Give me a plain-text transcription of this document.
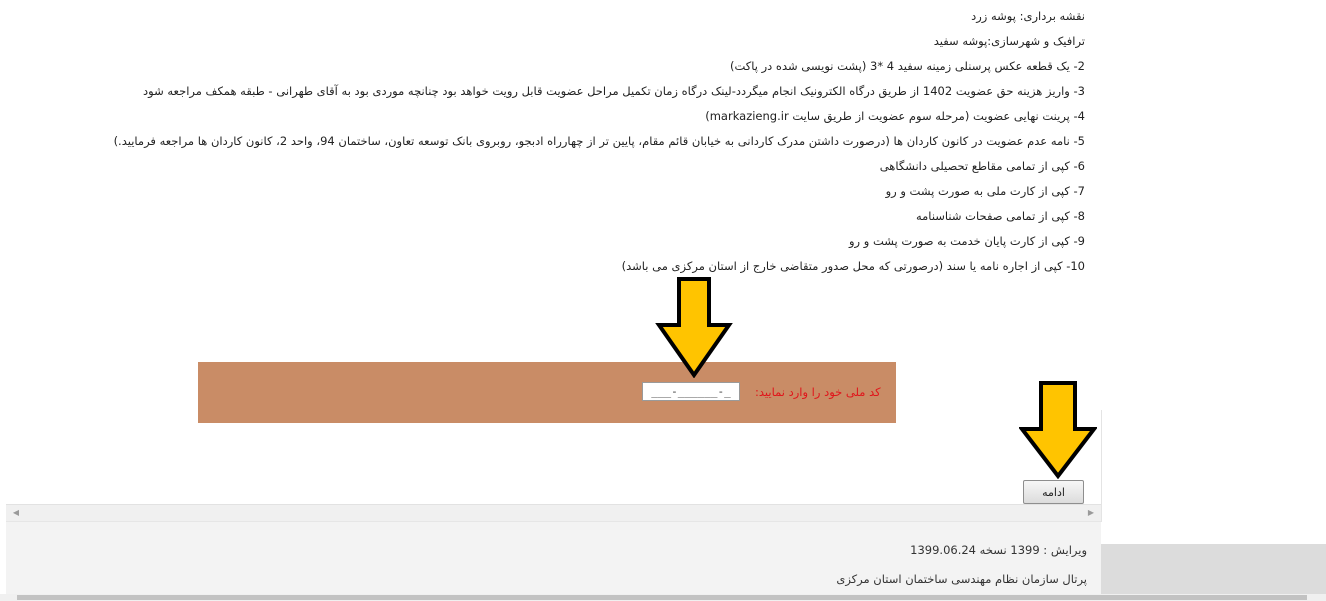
نقشه برداری: پوشه زرد
ترافیک و شهرسازی:پوشه سفید
2- یک قطعه عکس پرسنلی زمینه سفید 4 *3 (پشت نویسی شده در پاکت)
3- واریز هزینه حق عضویت 1402 از طریق درگاه الکترونیک انجام میگردد-لینک درگاه زمان تکمیل مراحل عضویت قابل رویت خواهد بود چنانچه موردی بود به آقای طهرانی - طبقه همکف مراجعه شود
4- پرینت نهایی عضویت (مرحله سوم عضویت از طریق سایت markazieng.ir)
5- نامه عدم عضویت در کانون کاردان ها (درصورت داشتن مدرک کاردانی به خیابان قائم مقام، پایین تر از چهارراه ادبجو، روبروی بانک توسعه تعاون، ساختمان 94، واحد 2، کانون کاردان ها مراجعه فرمایید.)
6- کپی از تمامی مقاطع تحصیلی دانشگاهی
7- کپی از کارت ملی به صورت پشت و رو
8- کپی از تمامی صفحات شناسنامه
9- کپی از کارت پایان خدمت به صورت پشت و رو
10- کپی از اجاره نامه یا سند (درصورتی که محل صدور متقاضی خارج از استان مرکزی می باشد)
کد ملی خود را وارد نمایید:
___-______-_
ادامه
◀	▶
ویرایش : 1399 نسخه 1399.06.24
پرتال سازمان نظام مهندسی ساختمان استان مرکزی
